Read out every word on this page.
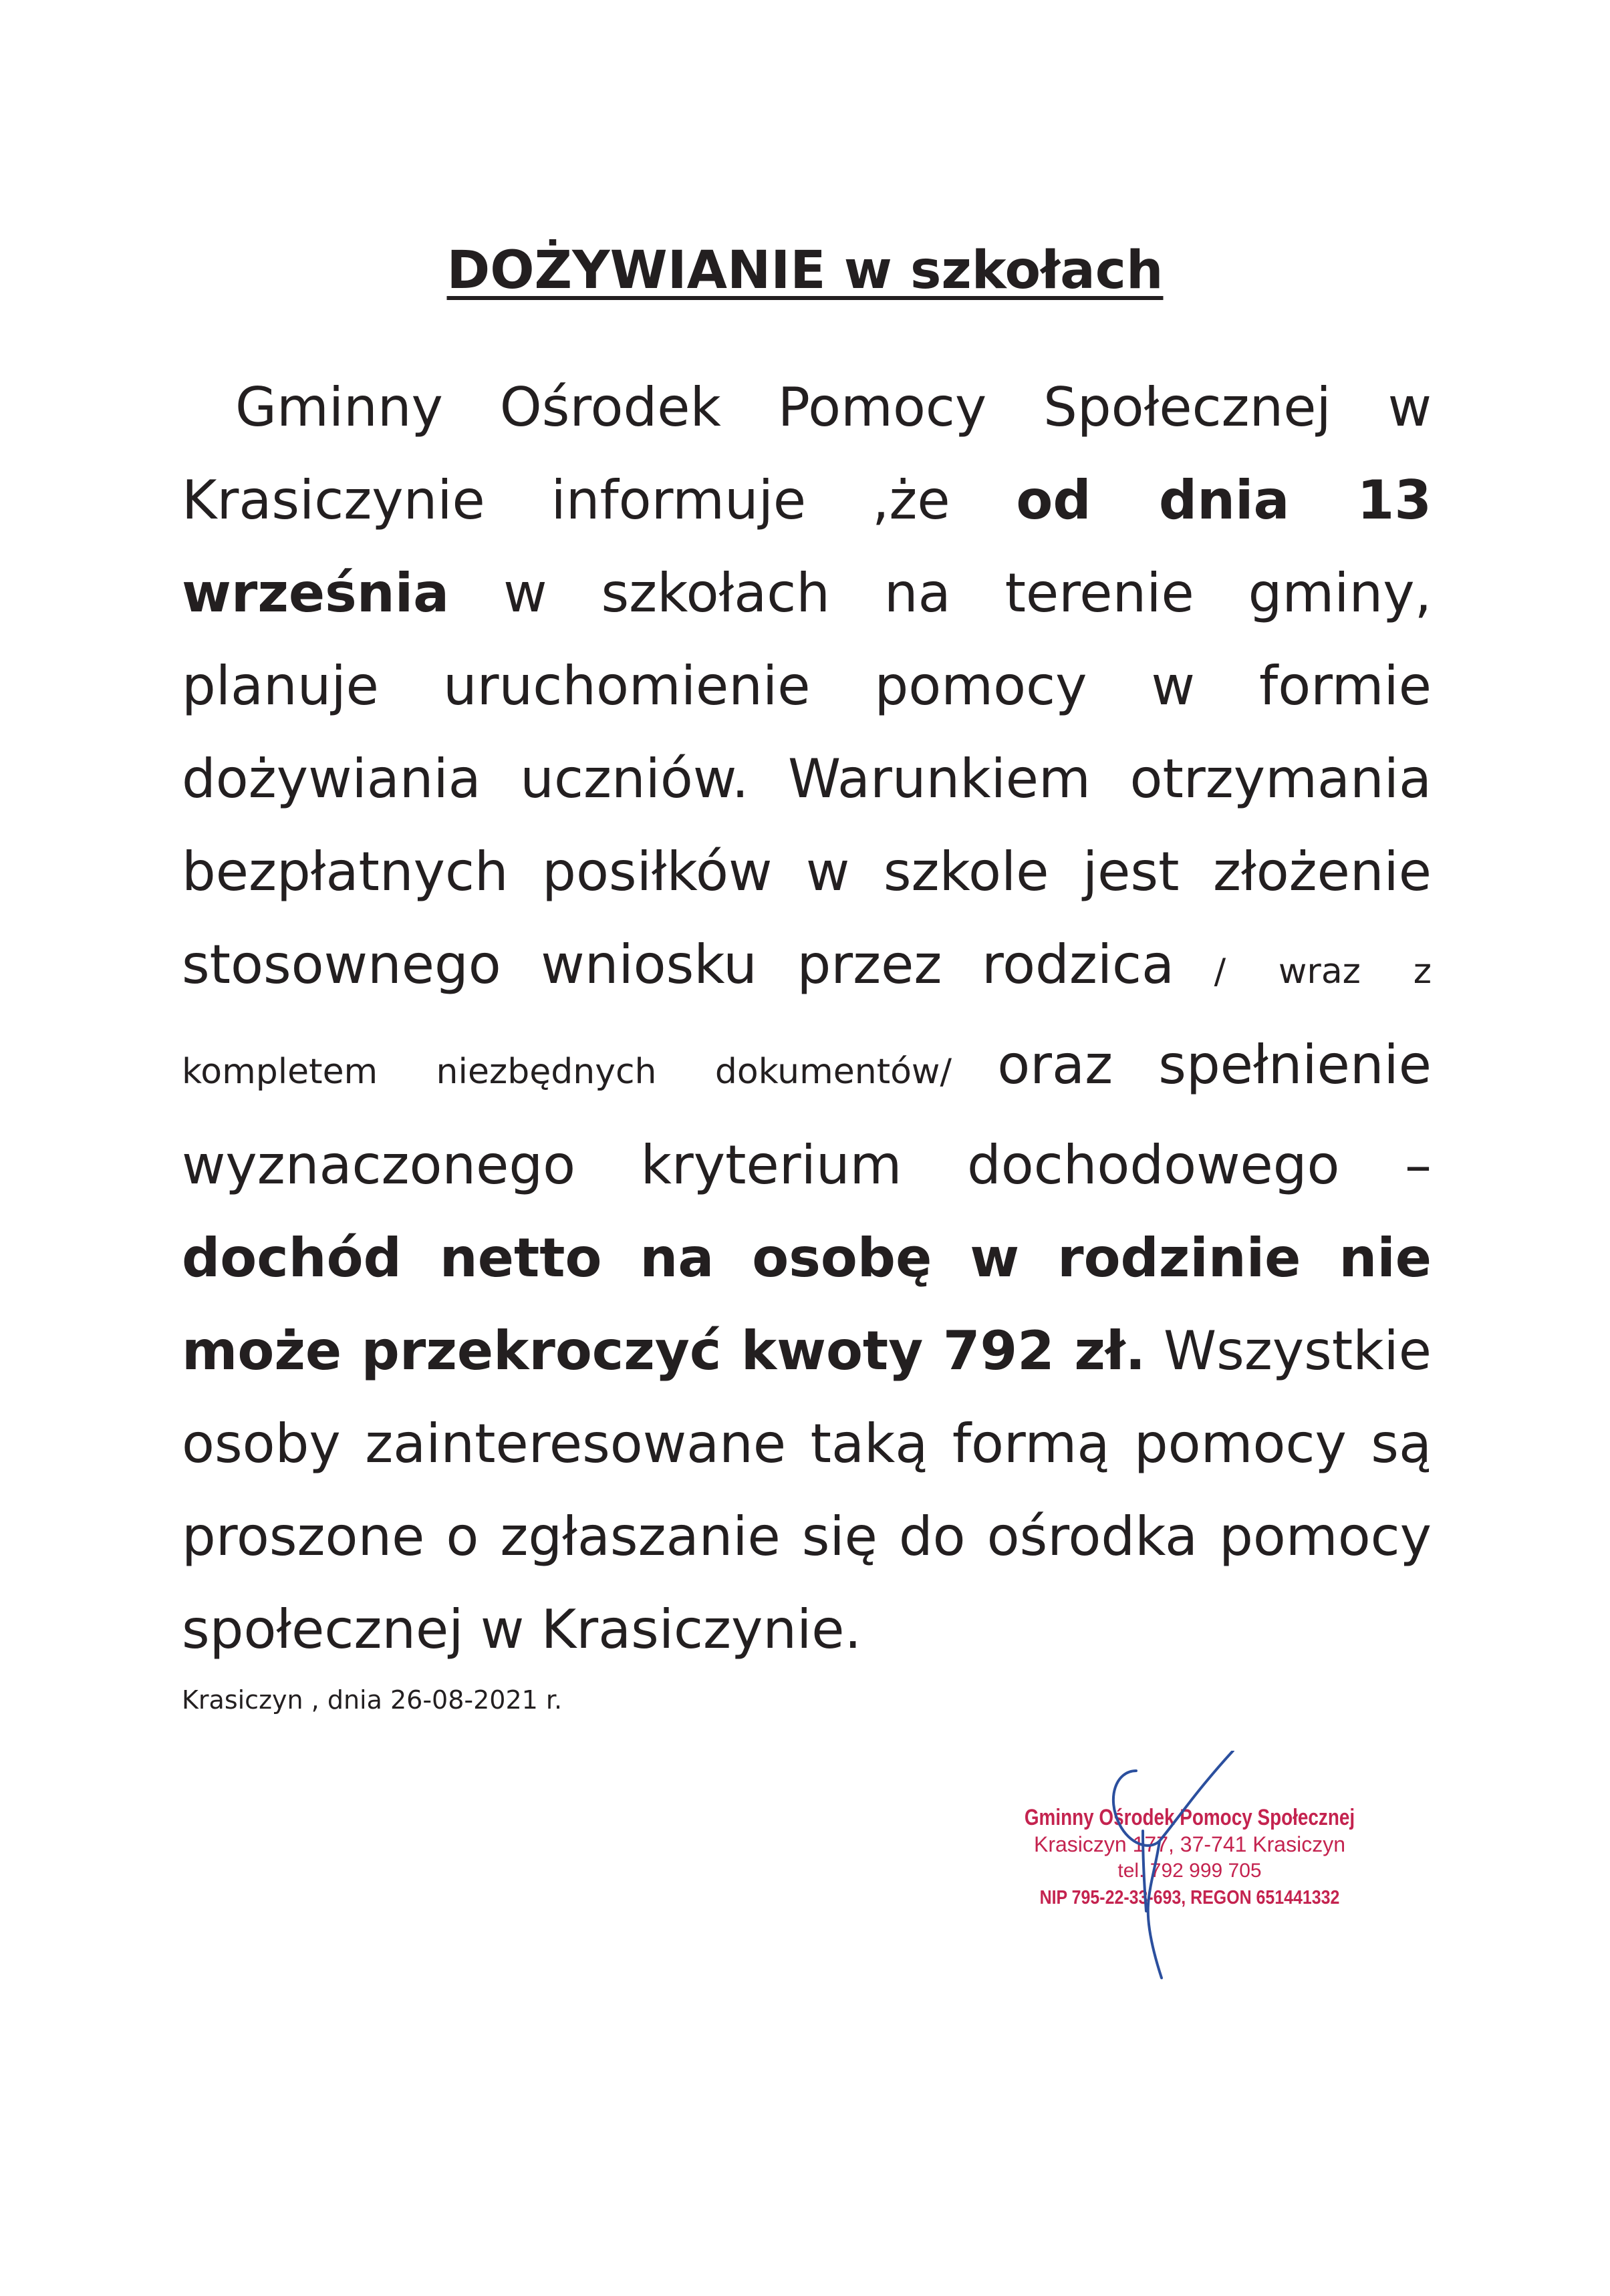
DOŻYWIANIE w szkołach

Gminny Ośrodek Pomocy Społecznej w Krasiczynie informuje ,że od dnia 13 września w szkołach na terenie gminy, planuje uruchomienie pomocy w formie dożywiania uczniów. Warunkiem otrzymania bezpłatnych posiłków w szkole jest złożenie stosownego wniosku przez rodzica / wraz z kompletem niezbędnych dokumentów/ oraz spełnienie wyznaczonego kryterium dochodowego – dochód netto na osobę w rodzinie nie może przekroczyć kwoty 792 zł. Wszystkie osoby zainteresowane taką formą pomocy są proszone o zgłaszanie się do ośrodka pomocy społecznej w Krasiczynie.

Krasiczyn , dnia 26-08-2021 r.
Gminny Ośrodek Pomocy Społecznej
Krasiczyn 177, 37-741 Krasiczyn
tel. 792 999 705
NIP 795-22-33-693, REGON 651441332
